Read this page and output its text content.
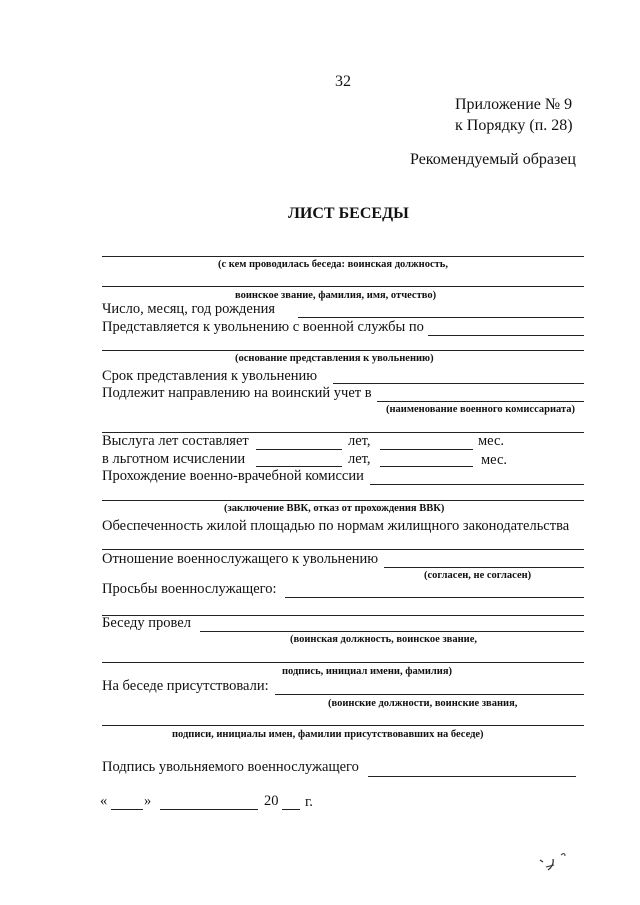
32
Приложение № 9
к Порядку (п. 28)
Рекомендуемый образец
ЛИСТ БЕСЕДЫ
(с кем проводилась беседа: воинская должность,
воинское звание, фамилия, имя, отчество)
Число, месяц, год рождения
Представляется к увольнению с военной службы по
(основание представления к увольнению)
Срок представления к увольнению
Подлежит направлению на воинский учет в
(наименование военного комиссариата)
Выслуга лет составляет	лет,	мес.
в льготном исчислении	лет,	мес.
Прохождение военно-врачебной комиссии
(заключение ВВК, отказ от прохождения ВВК)
Обеспеченность жилой площадью по нормам жилищного законодательства
Отношение военнослужащего к увольнению
(согласен, не согласен)
Просьбы военнослужащего:
Беседу провел
(воинская должность, воинское звание,
подпись, инициал имени, фамилия)
На беседе присутствовали:
(воинские должности, воинские звания,
подписи, инициалы имен, фамилии присутствовавших на беседе)
Подпись увольняемого военнослужащего
«	»	20 г.
